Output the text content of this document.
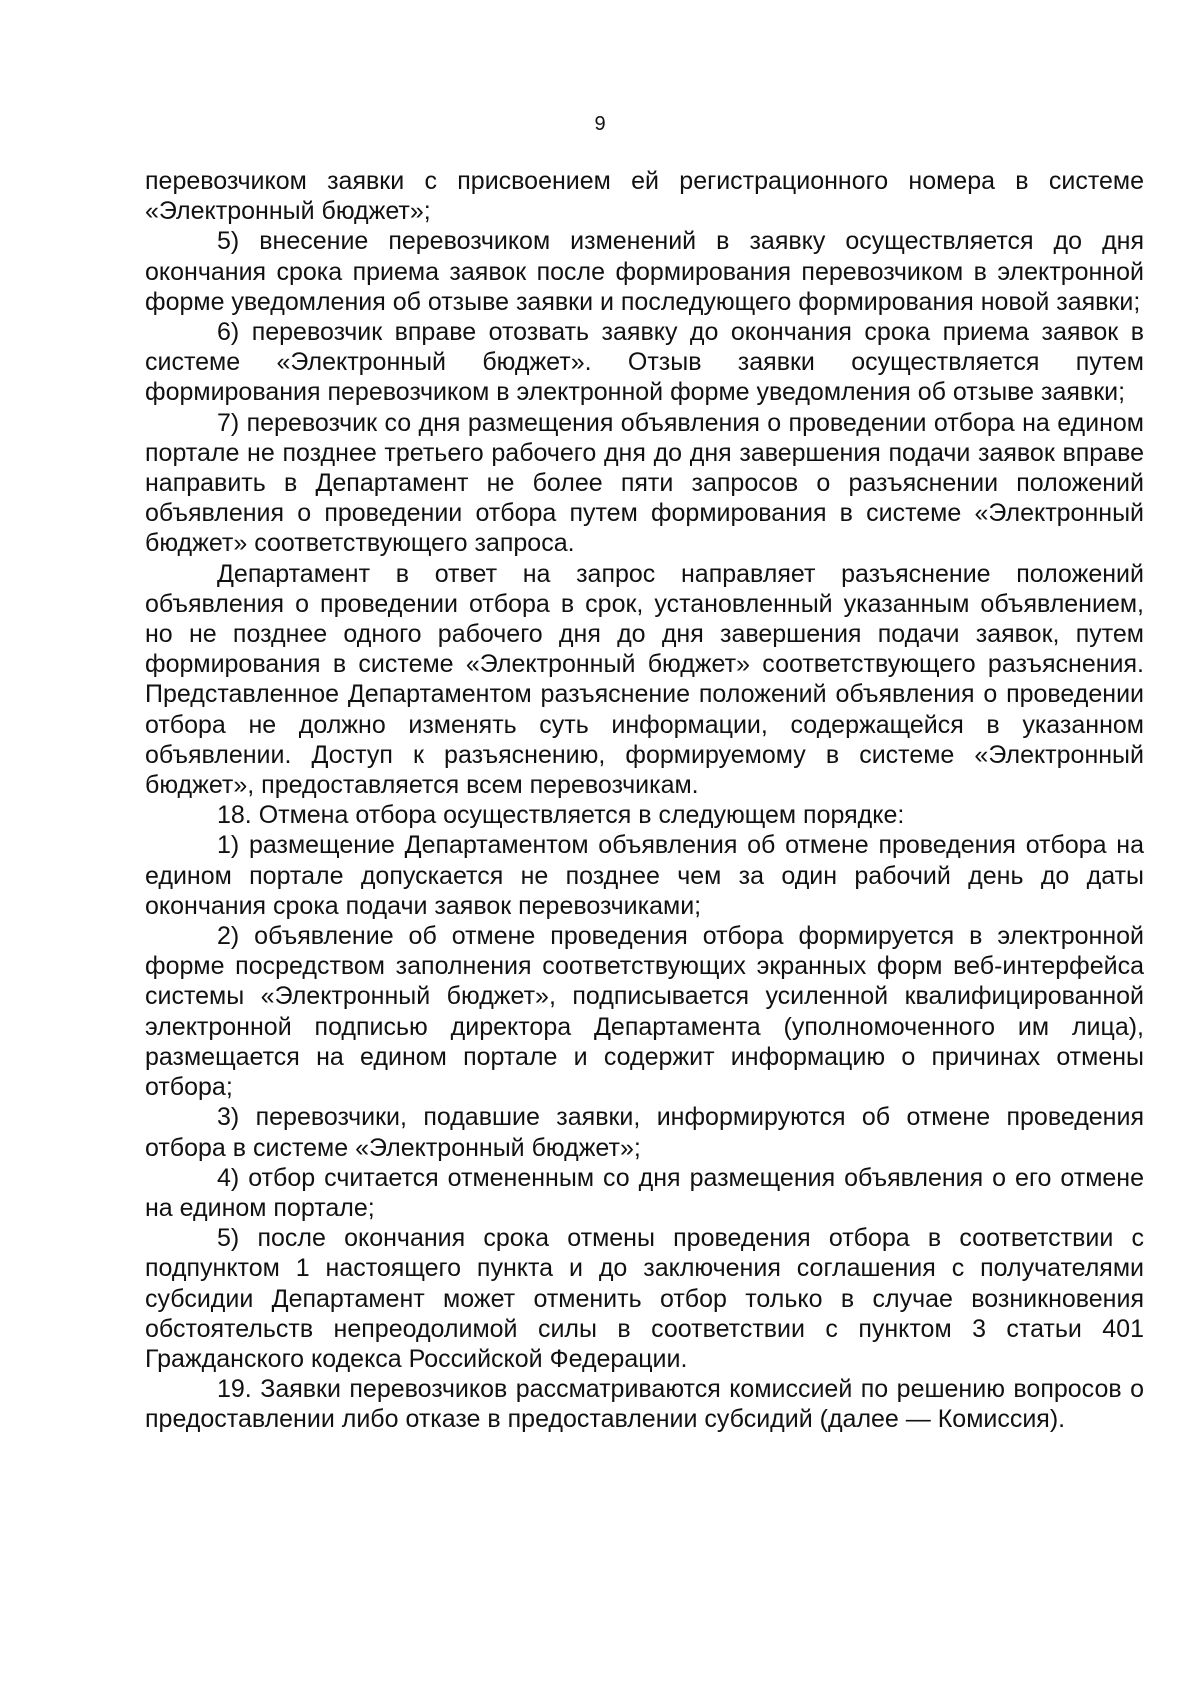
9

перевозчиком заявки с присвоением ей регистрационного номера в системе «Электронный бюджет»;

5) внесение перевозчиком изменений в заявку осуществляется до дня окончания срока приема заявок после формирования перевозчиком в электронной форме уведомления об отзыве заявки и последующего формирования новой заявки;

6) перевозчик вправе отозвать заявку до окончания срока приема заявок в системе «Электронный бюджет». Отзыв заявки осуществляется путем формирования перевозчиком в электронной форме уведомления об отзыве заявки;

7) перевозчик со дня размещения объявления о проведении отбора на едином портале не позднее третьего рабочего дня до дня завершения подачи заявок вправе направить в Департамент не более пяти запросов о разъяснении положений объявления о проведении отбора путем формирования в системе «Электронный бюджет» соответствующего запроса.

Департамент в ответ на запрос направляет разъяснение положений объявления о проведении отбора в срок, установленный указанным объявлением, но не позднее одного рабочего дня до дня завершения подачи заявок, путем формирования в системе «Электронный бюджет» соответствующего разъяснения. Представленное Департаментом разъяснение положений объявления о проведении отбора не должно изменять суть информации, содержащейся в указанном объявлении. Доступ к разъяснению, формируемому в системе «Электронный бюджет», предоставляется всем перевозчикам.

18. Отмена отбора осуществляется в следующем порядке:

1) размещение Департаментом объявления об отмене проведения отбора на едином портале допускается не позднее чем за один рабочий день до даты окончания срока подачи заявок перевозчиками;

2) объявление об отмене проведения отбора формируется в электронной форме посредством заполнения соответствующих экранных форм веб-интерфейса системы «Электронный бюджет», подписывается усиленной квалифицированной электронной подписью директора Департамента (уполномоченного им лица), размещается на едином портале и содержит информацию о причинах отмены отбора;

3) перевозчики, подавшие заявки, информируются об отмене проведения отбора в системе «Электронный бюджет»;

4) отбор считается отмененным со дня размещения объявления о его отмене на едином портале;

5) после окончания срока отмены проведения отбора в соответствии с подпунктом 1 настоящего пункта и до заключения соглашения с получателями субсидии Департамент может отменить отбор только в случае возникновения обстоятельств непреодолимой силы в соответствии с пунктом 3 статьи 401 Гражданского кодекса Российской Федерации.

19. Заявки перевозчиков рассматриваются комиссией по решению вопросов о предоставлении либо отказе в предоставлении субсидий (далее — Комиссия).
